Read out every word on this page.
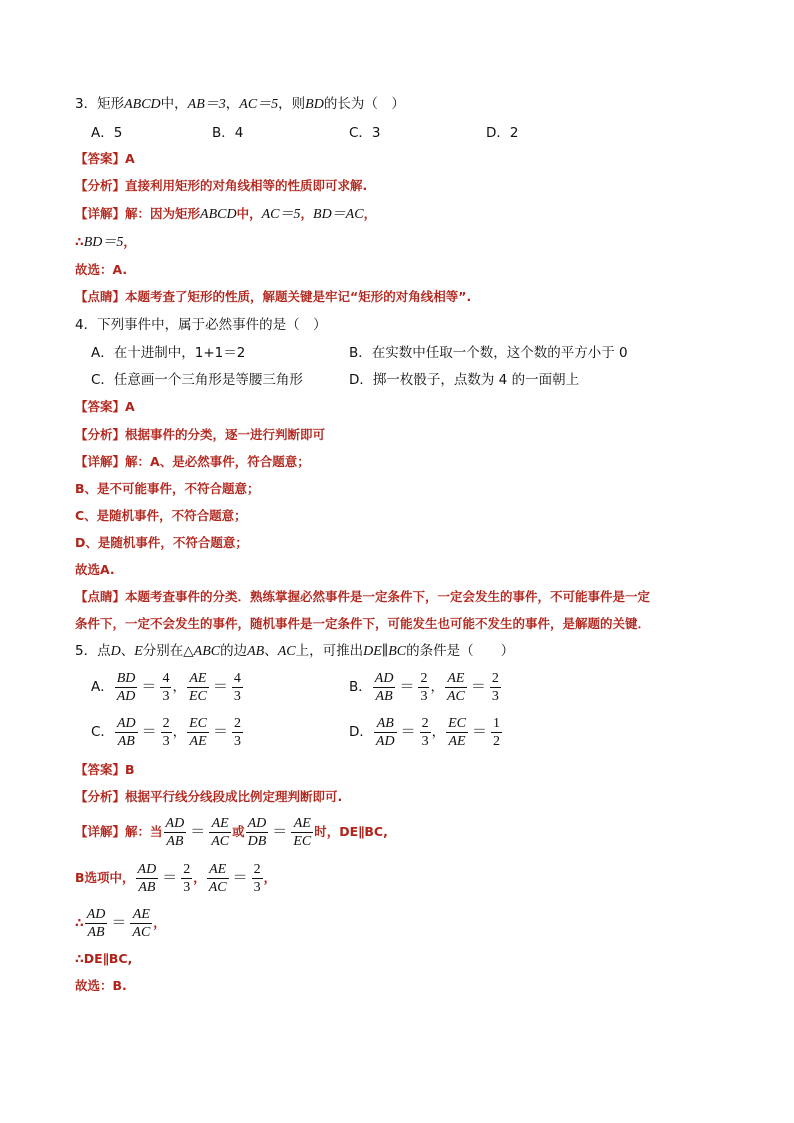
3．矩形ABCD中，AB＝3，AC＝5，则BD的长为（　）
A．5	B．4	C．3	D．2
【答案】A
【分析】直接利用矩形的对角线相等的性质即可求解.
【详解】解：因为矩形ABCD中，AC＝5，BD＝AC，
∴BD＝5，
故选：A.
【点睛】本题考查了矩形的性质，解题关键是牢记“矩形的对角线相等”.
4．下列事件中，属于必然事件的是（　）
A．在十进制中，1+1＝2	B．在实数中任取一个数，这个数的平方小于 0
C．任意画一个三角形是等腰三角形	D．掷一枚骰子，点数为 4 的一面朝上
【答案】A
【分析】根据事件的分类，逐一进行判断即可
【详解】解：A、是必然事件，符合题意；
B、是不可能事件，不符合题意；
C、是随机事件，不符合题意；
D、是随机事件，不符合题意；
故选A.
【点睛】本题考查事件的分类．熟练掌握必然事件是一定条件下，一定会发生的事件，不可能事件是一定
条件下，一定不会发生的事件，随机事件是一定条件下，可能发生也可能不发生的事件，是解题的关键．
5．点D、E分别在△ABC的边AB、AC上，可推出DE∥BC的条件是（　　）
A． $\frac{BD}{AD} = \frac{4}{3}$ ， $\frac{AE}{EC} = \frac{4}{3}$	B． $\frac{AD}{AB} = \frac{2}{3}$ ， $\frac{AE}{AC} = \frac{2}{3}$
C． $\frac{AD}{AB} = \frac{2}{3}$ ， $\frac{EC}{AE} = \frac{2}{3}$	D． $\frac{AB}{AD} = \frac{2}{3}$ ， $\frac{EC}{AE} = \frac{1}{2}$
【答案】B
【分析】根据平行线分线段成比例定理判断即可.
【详解】解：当 $\frac{AD}{AB} = \frac{AE}{AC}$ 或 $\frac{AD}{DB} = \frac{AE}{EC}$ 时，DE∥BC,
B选项中， $\frac{AD}{AB} = \frac{2}{3}$ ， $\frac{AE}{AC} = \frac{2}{3}$ ，
∴ $\frac{AD}{AB} = \frac{AE}{AC}$ ，
∴DE∥BC,
故选：B.
